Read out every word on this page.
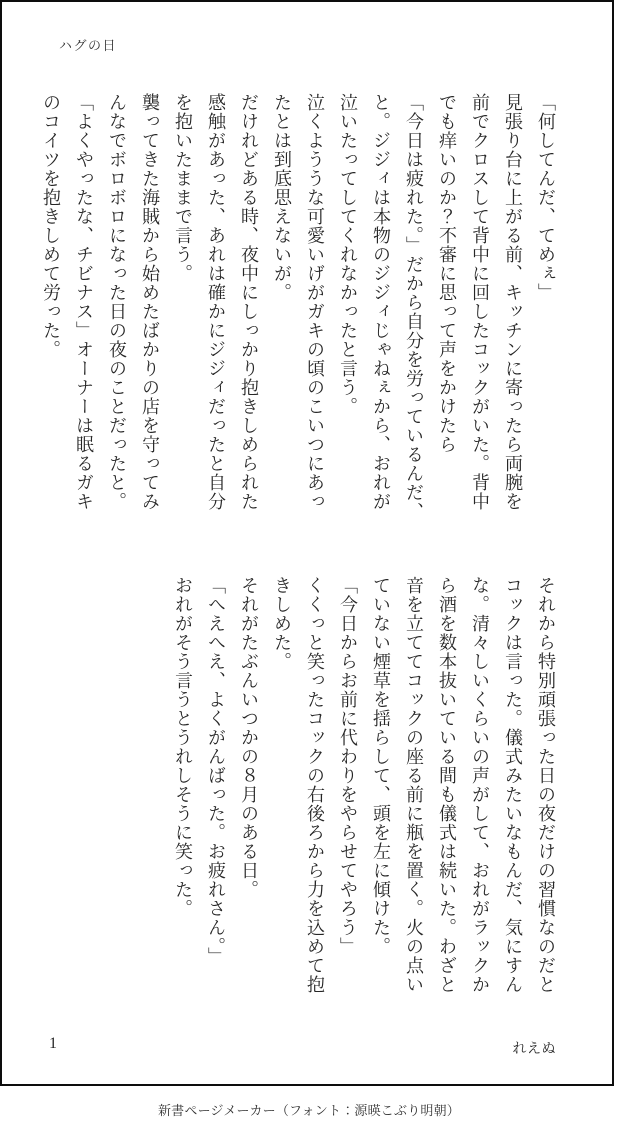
ハグの日
「何してんだ、てめぇ」
見張り台に上がる前、キッチンに寄ったら両腕を
前でクロスして背中に回したコックがいた。背中
でも痒いのか？不審に思って声をかけたら
「今日は疲れた。」だから自分を労っているんだ、
と。ジジィは本物のジジィじゃねぇから、おれが
泣いたってしてくれなかったと言う。
泣くよううな可愛いげがガキの頃のこいつにあっ
たとは到底思えないが。
だけれどある時、夜中にしっかり抱きしめられた
感触があった、あれは確かにジジィだったと自分
を抱いたままで言う。
襲ってきた海賊から始めたばかりの店を守ってみ
んなでボロボロになった日の夜のことだったと。
「よくやったな、チビナス」オーナーは眠るガキ
のコイツを抱きしめて労った。
それから特別頑張った日の夜だけの習慣なのだと
コックは言った。儀式みたいなもんだ、気にすん
な。清々しいくらいの声がして、おれがラックか
ら酒を数本抜いている間も儀式は続いた。わざと
音を立ててコックの座る前に瓶を置く。火の点い
ていない煙草を揺らして、頭を左に傾けた。
「今日からお前に代わりをやらせてやろう」
くくっと笑ったコックの右後ろから力を込めて抱
きしめた。
それがたぶんいつかの８月のある日。
「へえへえ、よくがんばった。お疲れさん。」
おれがそう言うとうれしそうに笑った。
1	れえぬ
新書ページメーカー（フォント：源暎こぶり明朝）
